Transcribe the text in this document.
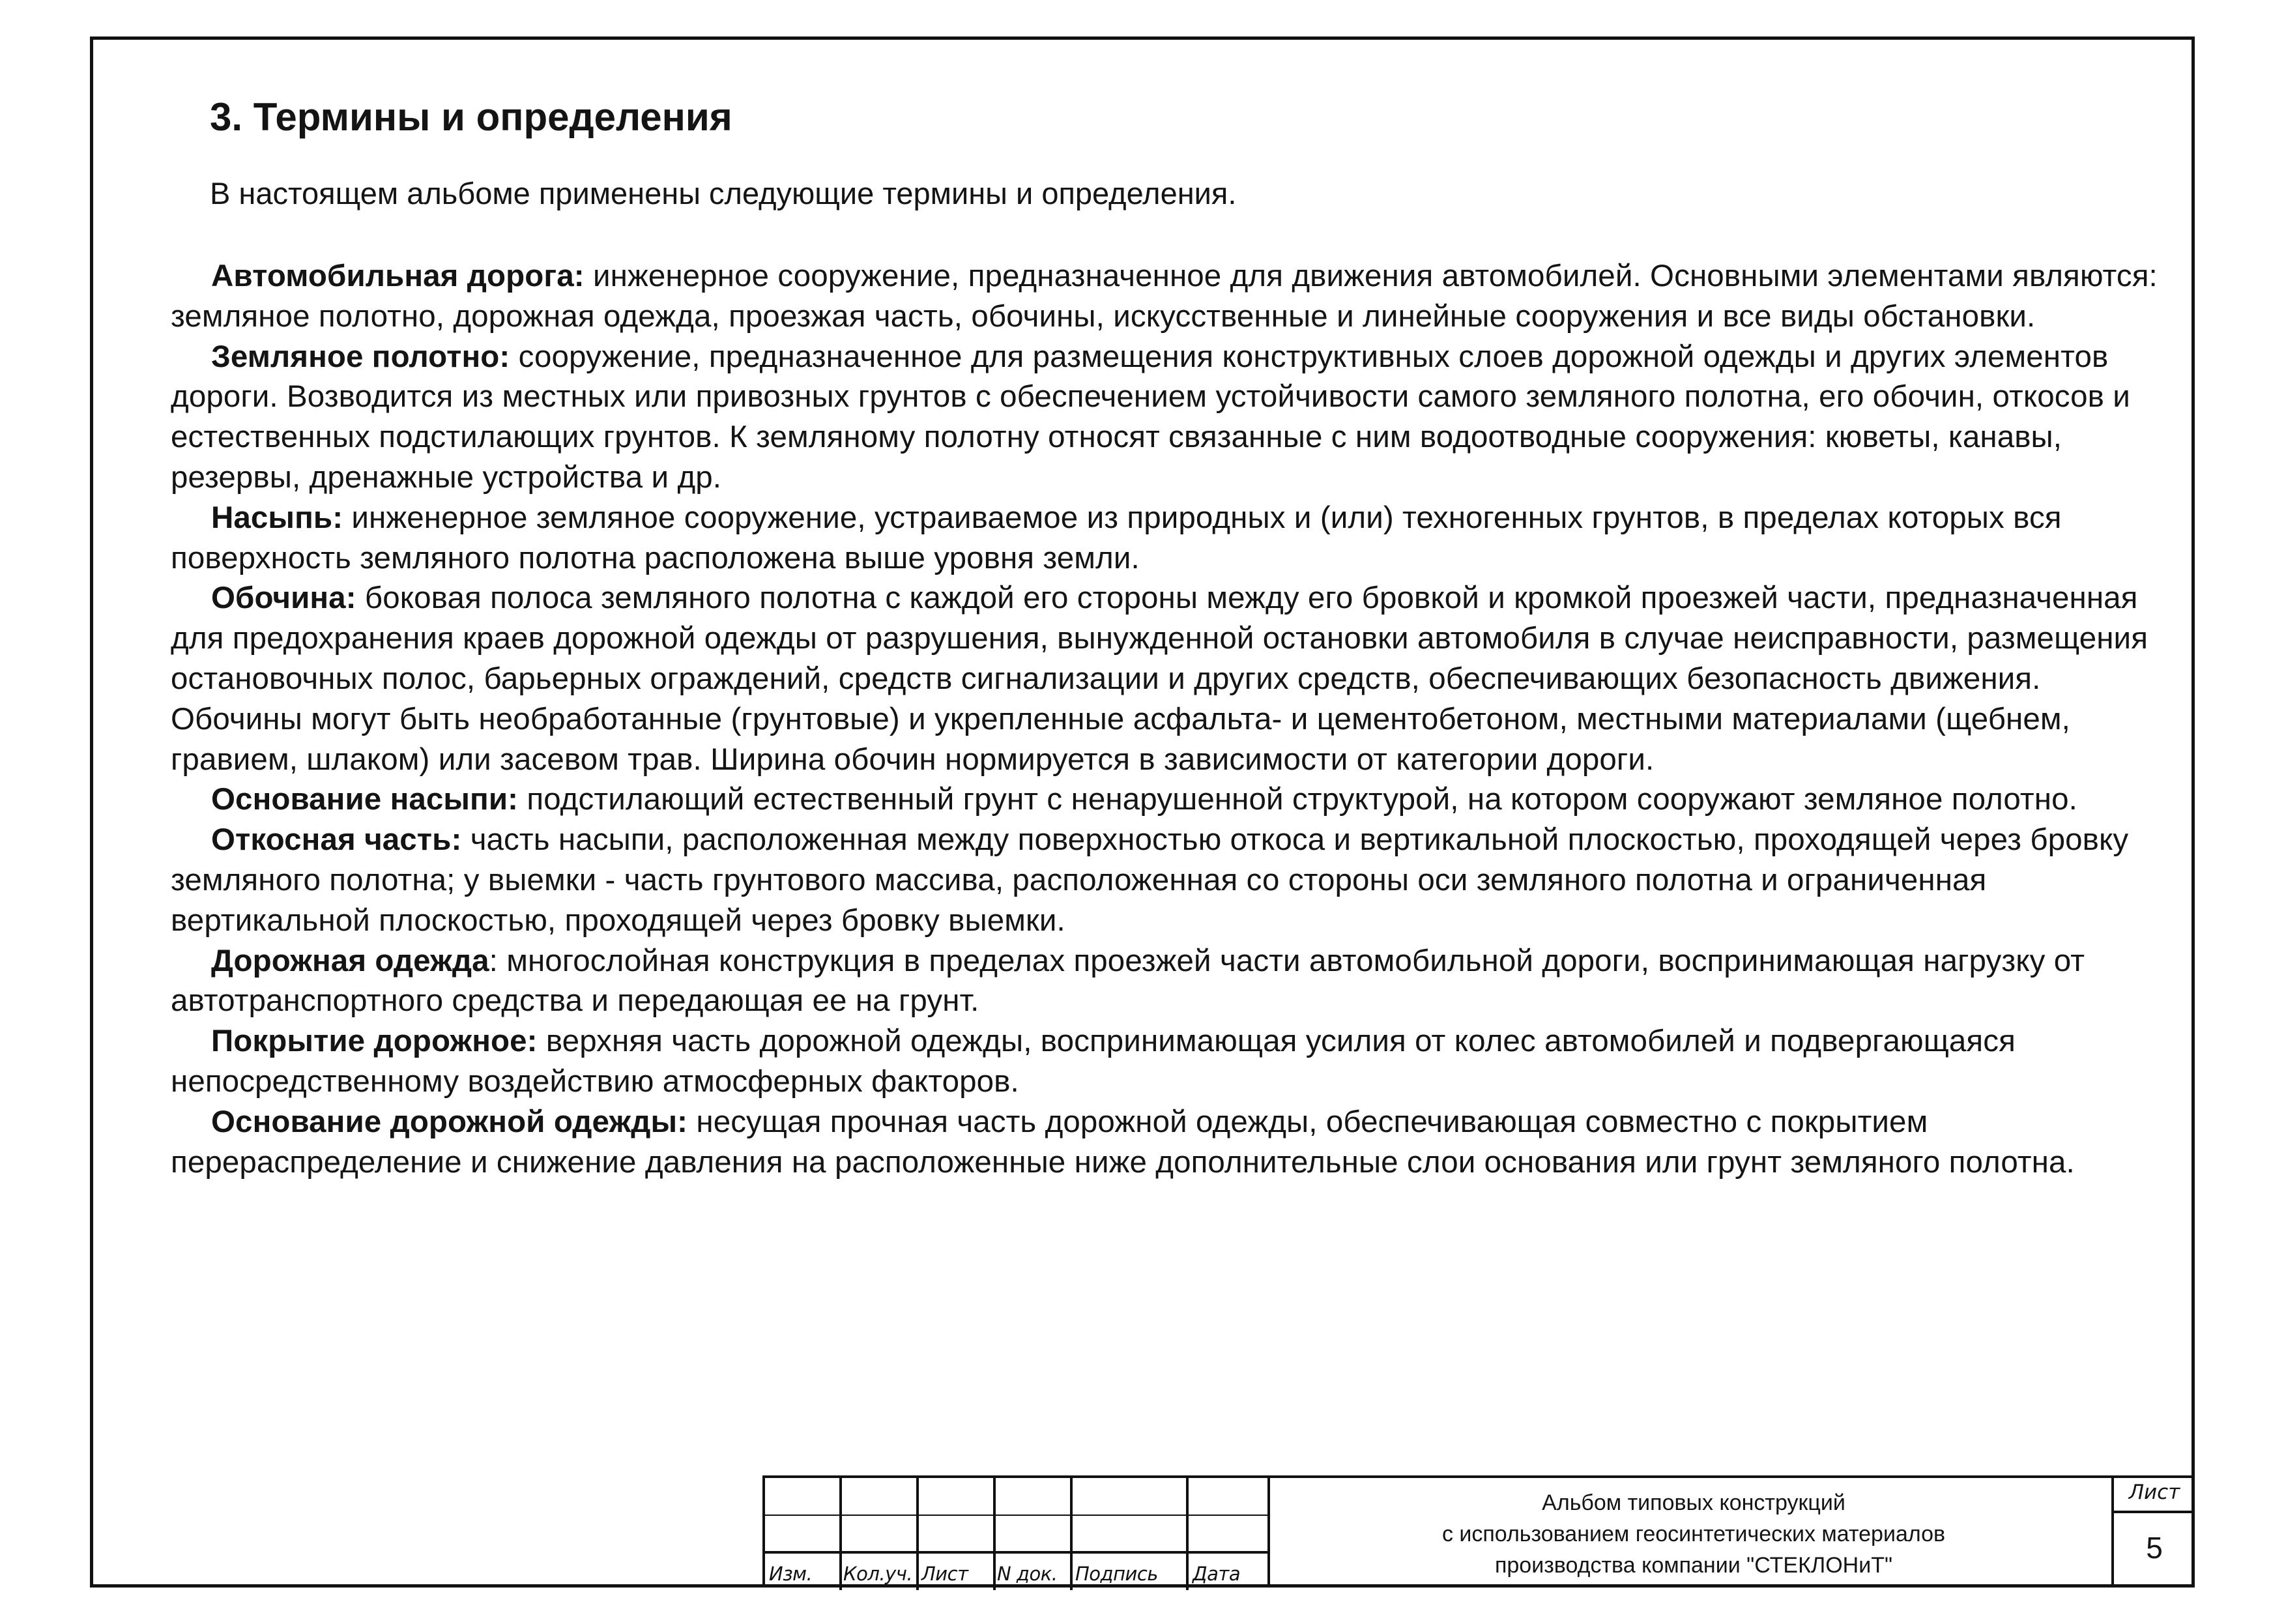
3. Термины и определения

В настоящем альбоме применены следующие термины и определения.

Автомобильная дорога: инженерное сооружение, предназначенное для движения автомобилей. Основными элементами являются: земляное полотно, дорожная одежда, проезжая часть, обочины, искусственные и линейные сооружения и все виды обстановки.

Земляное полотно: сооружение, предназначенное для размещения конструктивных слоев дорожной одежды и других элементов дороги. Возводится из местных или привозных грунтов с обеспечением устойчивости самого земляного полотна, его обочин, откосов и естественных подстилающих грунтов. К земляному полотну относят связанные с ним водоотводные сооружения: кюветы, канавы, резервы, дренажные устройства и др.

Насыпь: инженерное земляное сооружение, устраиваемое из природных и (или) техногенных грунтов, в пределах которых вся поверхность земляного полотна расположена выше уровня земли.

Обочина: боковая полоса земляного полотна с каждой его стороны между его бровкой и кромкой проезжей части, предназначенная для предохранения краев дорожной одежды от разрушения, вынужденной остановки автомобиля в случае неисправности, размещения остановочных полос, барьерных ограждений, средств сигнализации и других средств, обеспечивающих безопасность движения. Обочины могут быть необработанные (грунтовые) и укрепленные асфальта- и цементобетоном, местными материалами (щебнем, гравием, шлаком) или засевом трав. Ширина обочин нормируется в зависимости от категории дороги.

Основание насыпи: подстилающий естественный грунт с ненарушенной структурой, на котором сооружают земляное полотно.

Откосная часть: часть насыпи, расположенная между поверхностью откоса и вертикальной плоскостью, проходящей через бровку земляного полотна; у выемки - часть грунтового массива, расположенная со стороны оси земляного полотна и ограниченная вертикальной плоскостью, проходящей через бровку выемки.

Дорожная одежда: многослойная конструкция в пределах проезжей части автомобильной дороги, воспринимающая нагрузку от автотранспортного средства и передающая ее на грунт.

Покрытие дорожное: верхняя часть дорожной одежды, воспринимающая усилия от колес автомобилей и подвергающаяся непосредственному воздействию атмосферных факторов.

Основание дорожной одежды: несущая прочная часть дорожной одежды, обеспечивающая совместно с покрытием перераспределение и снижение давления на расположенные ниже дополнительные слои основания или грунт земляного полотна.

Изм. Кол.уч. Лист N док. Подпись Дата
Альбом типовых конструкций
с использованием геосинтетических материалов
производства компании "СТЕКЛОНиТ"
Лист
5
